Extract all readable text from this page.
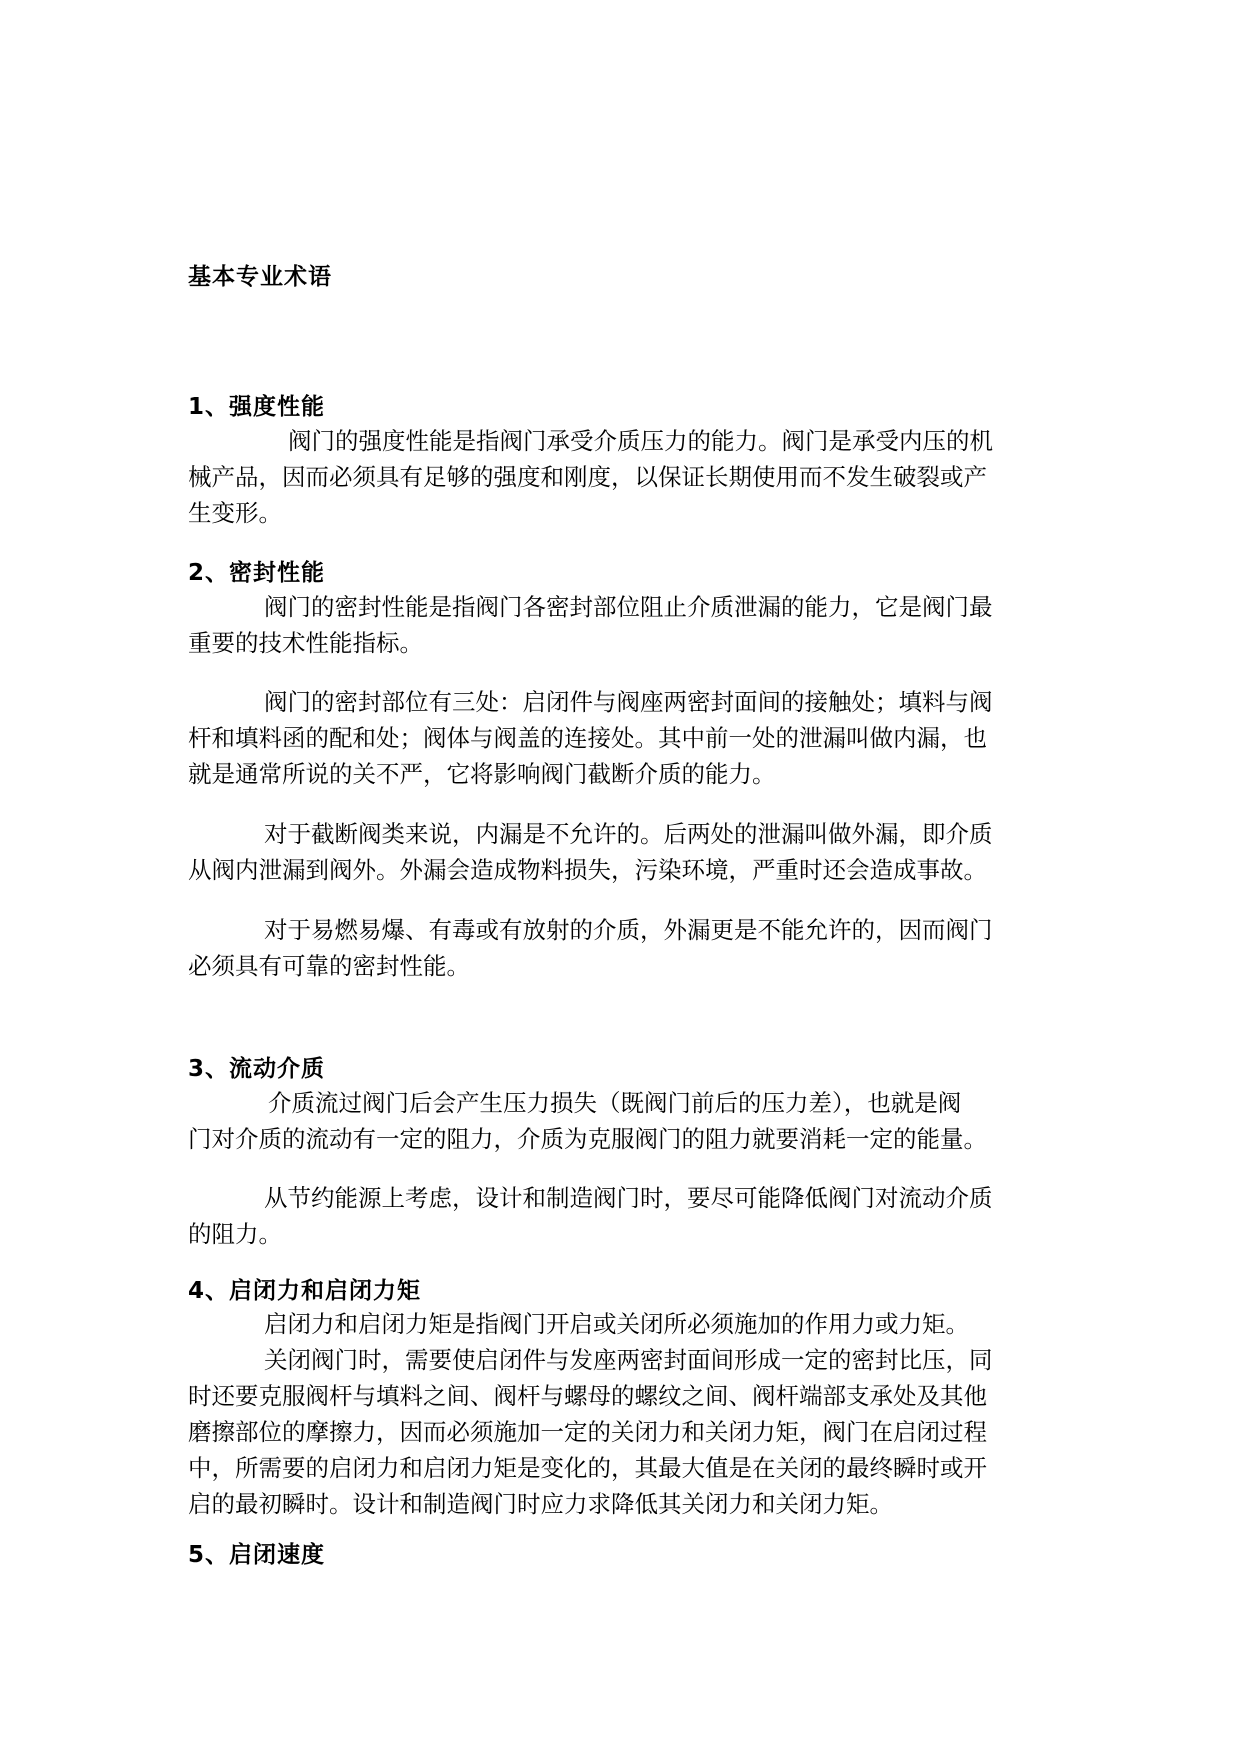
基本专业术语
1、强度性能
阀门的强度性能是指阀门承受介质压力的能力。阀门是承受内压的机
械产品，因而必须具有足够的强度和刚度，以保证长期使用而不发生破裂或产
生变形。
2、密封性能
阀门的密封性能是指阀门各密封部位阻止介质泄漏的能力，它是阀门最
重要的技术性能指标。
阀门的密封部位有三处：启闭件与阀座两密封面间的接触处；填料与阀
杆和填料函的配和处；阀体与阀盖的连接处。其中前一处的泄漏叫做内漏，也
就是通常所说的关不严，它将影响阀门截断介质的能力。
对于截断阀类来说，内漏是不允许的。后两处的泄漏叫做外漏，即介质
从阀内泄漏到阀外。外漏会造成物料损失，污染环境，严重时还会造成事故。
对于易燃易爆、有毒或有放射的介质，外漏更是不能允许的，因而阀门
必须具有可靠的密封性能。
3、流动介质
介质流过阀门后会产生压力损失（既阀门前后的压力差），也就是阀
门对介质的流动有一定的阻力，介质为克服阀门的阻力就要消耗一定的能量。
从节约能源上考虑，设计和制造阀门时，要尽可能降低阀门对流动介质
的阻力。
4、启闭力和启闭力矩
启闭力和启闭力矩是指阀门开启或关闭所必须施加的作用力或力矩。
关闭阀门时，需要使启闭件与发座两密封面间形成一定的密封比压，同
时还要克服阀杆与填料之间、阀杆与螺母的螺纹之间、阀杆端部支承处及其他
磨擦部位的摩擦力，因而必须施加一定的关闭力和关闭力矩，阀门在启闭过程
中，所需要的启闭力和启闭力矩是变化的，其最大值是在关闭的最终瞬时或开
启的最初瞬时。设计和制造阀门时应力求降低其关闭力和关闭力矩。
5、启闭速度
